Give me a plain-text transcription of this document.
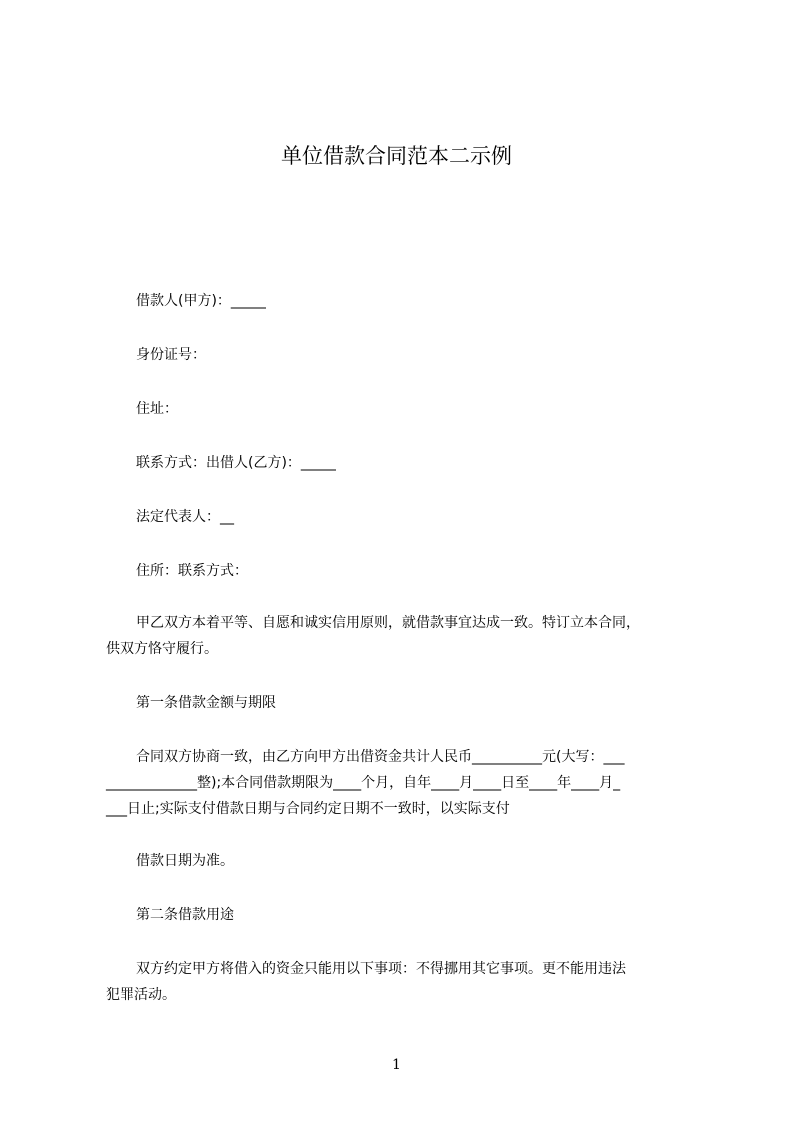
单位借款合同范本二示例
借款人(甲方)：_____
身份证号：
住址：
联系方式：出借人(乙方)：_____
法定代表人：__
住所：联系方式：
甲乙双方本着平等、自愿和诚实信用原则，就借款事宜达成一致。特订立本合同，
供双方恪守履行。
第一条借款金额与期限
合同双方协商一致，由乙方向甲方出借资金共计人民币__________元(大写：___
_____________整);本合同借款期限为____个月，自年____月____日至____年____月_
___日止;实际支付借款日期与合同约定日期不一致时，以实际支付
借款日期为准。
第二条借款用途
双方约定甲方将借入的资金只能用以下事项：不得挪用其它事项。更不能用违法
犯罪活动。
1
